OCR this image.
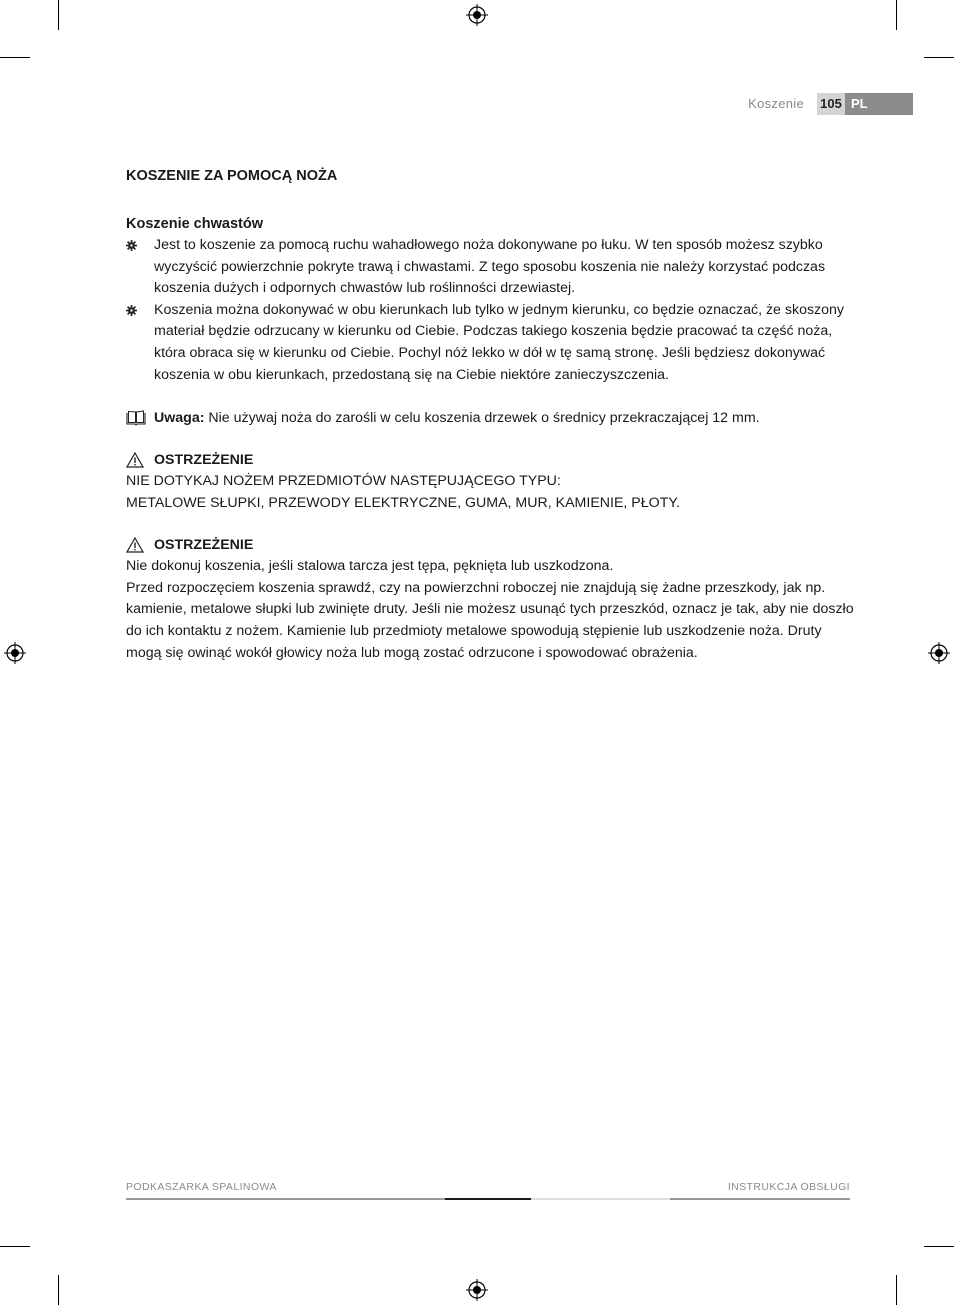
Koszenie 105 PL
KOSZENIE ZA POMOCĄ NOŻA
Koszenie chwastów
Jest to koszenie za pomocą ruchu wahadłowego noża dokonywane po łuku. W ten sposób możesz szybko wyczyścić powierzchnie pokryte trawą i chwastami. Z tego sposobu koszenia nie należy korzystać podczas koszenia dużych i odpornych chwastów lub roślinności drzewiastej.
Koszenia można dokonywać w obu kierunkach lub tylko w jednym kierunku, co będzie oznaczać, że skoszony materiał będzie odrzucany w kierunku od Ciebie. Podczas takiego koszenia będzie pracować ta część noża, która obraca się w kierunku od Ciebie. Pochyl nóż lekko w dół w tę samą stronę. Jeśli będziesz dokonywać koszenia w obu kierunkach, przedostaną się na Ciebie niektóre zanieczyszczenia.
Uwaga: Nie używaj noża do zarośli w celu koszenia drzewek o średnicy przekraczającej 12 mm.
OSTRZEŻENIE

NIE DOTYKAJ NOŻEM PRZEDMIOTÓW NASTĘPUJĄCEGO TYPU:

METALOWE SŁUPKI, PRZEWODY ELEKTRYCZNE, GUMA, MUR, KAMIENIE, PŁOTY.

OSTRZEŻENIE

Nie dokonuj koszenia, jeśli stalowa tarcza jest tępa, pęknięta lub uszkodzona.

Przed rozpoczęciem koszenia sprawdź, czy na powierzchni roboczej nie znajdują się żadne przeszkody, jak np. kamienie, metalowe słupki lub zwinięte druty. Jeśli nie możesz usunąć tych przeszkód, oznacz je tak, aby nie doszło do ich kontaktu z nożem. Kamienie lub przedmioty metalowe spowodują stępienie lub uszkodzenie noża. Druty mogą się owinąć wokół głowicy noża lub mogą zostać odrzucone i spowodować obrażenia.

PODKASZARKA SPALINOWA	INSTRUKCJA OBSŁUGI
